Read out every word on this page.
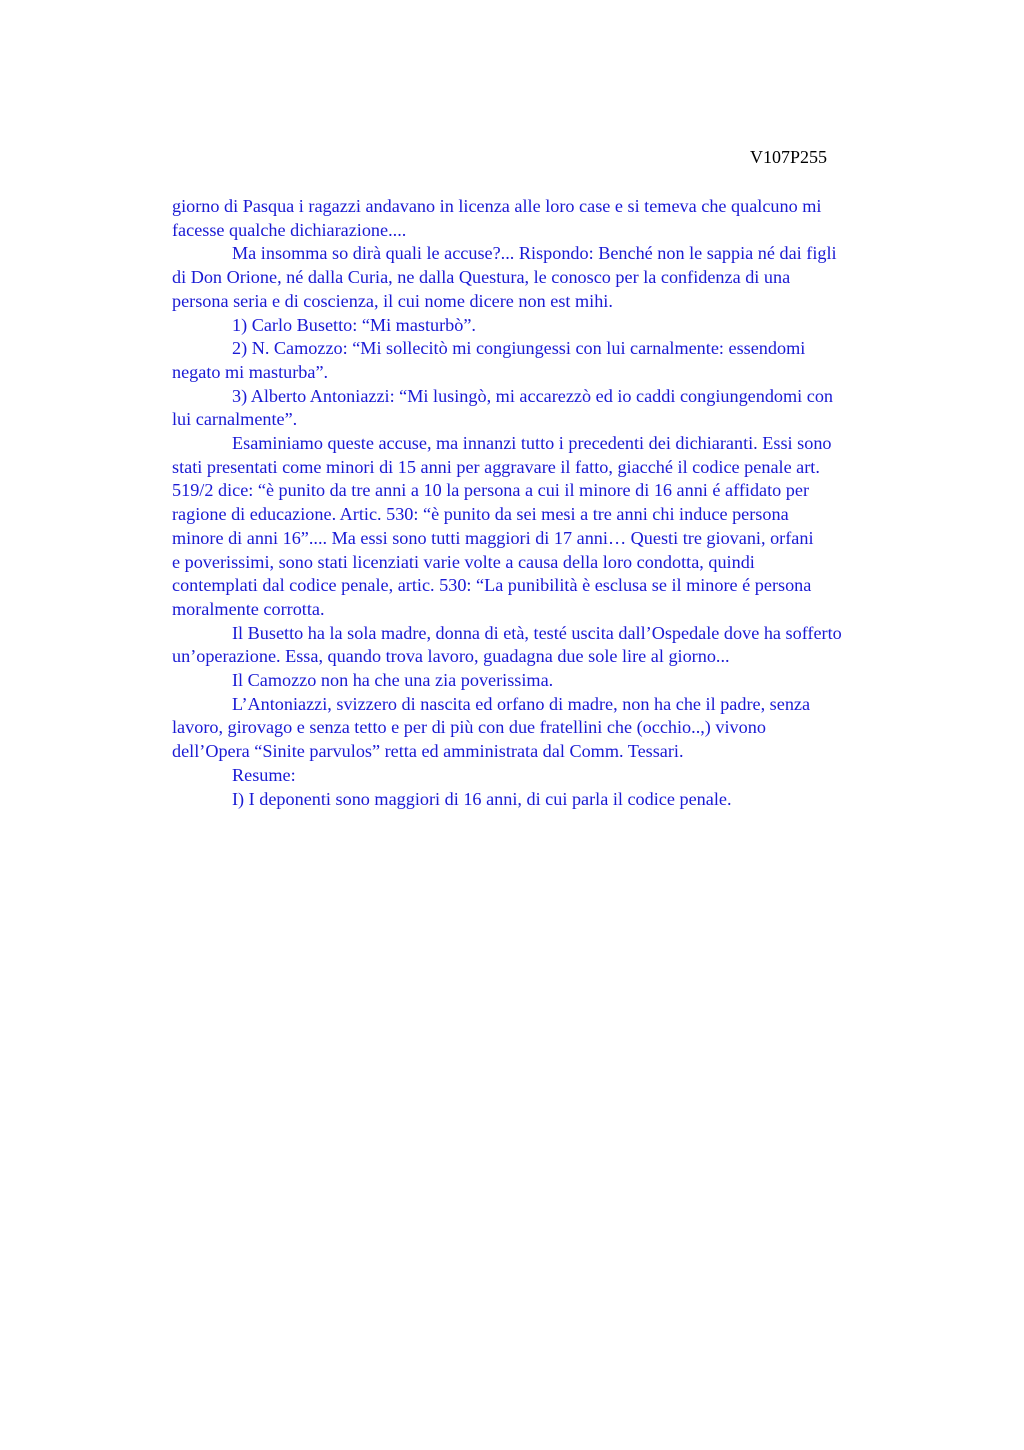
V107P255
giorno di Pasqua i ragazzi andavano in licenza alle loro case e si temeva che qualcuno mi
facesse qualche dichiarazione....
Ma insomma so dirà quali le accuse?... Rispondo: Benché non le sappia né dai figli
di Don Orione, né dalla Curia, ne dalla Questura, le conosco per la confidenza di una
persona seria e di coscienza, il cui nome dicere non est mihi.
1) Carlo Busetto: “Mi masturbò”.
2) N. Camozzo: “Mi sollecitò mi congiungessi con lui carnalmente: essendomi
negato mi masturba”.
3) Alberto Antoniazzi: “Mi lusingò, mi accarezzò ed io caddi congiungendomi con
lui carnalmente”.
Esaminiamo queste accuse, ma innanzi tutto i precedenti dei dichiaranti. Essi sono
stati presentati come minori di 15 anni per aggravare il fatto, giacché il codice penale art.
519/2 dice: “è punito da tre anni a 10 la persona a cui il minore di 16 anni é affidato per
ragione di educazione. Artic. 530: “è punito da sei mesi a tre anni chi induce persona
minore di anni 16”.... Ma essi sono tutti maggiori di 17 anni… Questi tre giovani, orfani
e poverissimi, sono stati licenziati varie volte a causa della loro condotta, quindi
contemplati dal codice penale, artic. 530: “La punibilità è esclusa se il minore é persona
moralmente corrotta.
Il Busetto ha la sola madre, donna di età, testé uscita dall’Ospedale dove ha sofferto
un’operazione. Essa, quando trova lavoro, guadagna due sole lire al giorno...
Il Camozzo non ha che una zia poverissima.
L’Antoniazzi, svizzero di nascita ed orfano di madre, non ha che il padre, senza
lavoro, girovago e senza tetto e per di più con due fratellini che (occhio..,) vivono
dell’Opera “Sinite parvulos” retta ed amministrata dal Comm. Tessari.
Resume:
I) I deponenti sono maggiori di 16 anni, di cui parla il codice penale.
